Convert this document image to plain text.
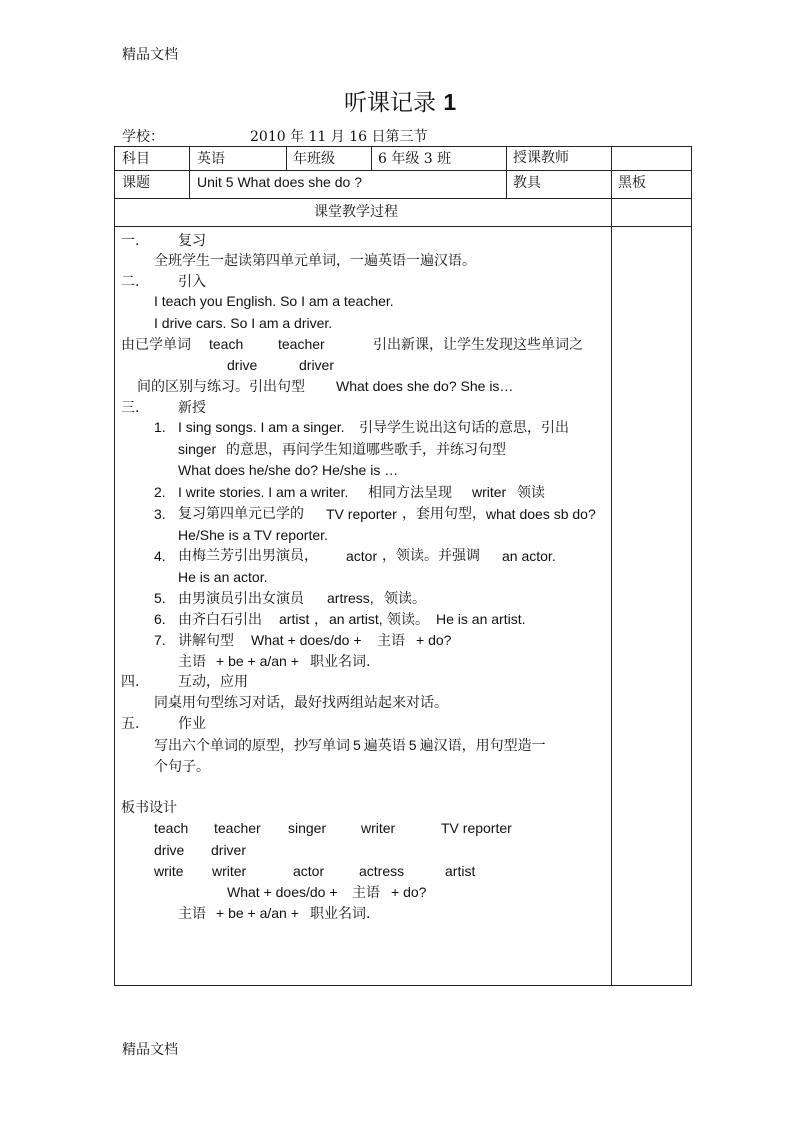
精品文档
精品文档
听课记录 1
学校：	2010 年 11 月 16 日第三节
科目	英语	年班级	6 年级 3 班	授课教师
课题	Unit 5 What does she do ?	教具	黑板
课堂教学过程
一.	复习
全班学生一起读第四单元单词，一遍英语一遍汉语。
二.	引入
I teach you English. So I am a teacher.
I drive cars. So I am a driver.
由已学单词 teach teacher	引出新课，让学生发现这些单词之
drive	driver
间的区别与练习。引出句型 What does she do? She is…
三.	新授
1. I sing songs. I am a singer. 引导学生说出这句话的意思，引出
singer 的意思，再问学生知道哪些歌手，并练习句型
What does he/she do? He/she is …
2. I write stories. I am a writer. 相同方法呈现 writer 领读
3. 复习第四单元已学的 TV reporter ，套用句型， what does sb do?
He/She is a TV reporter.
4. 由梅兰芳引出男演员， actor ，领读。并强调 an actor.
He is an actor.
5. 由男演员引出女演员 artress, 领读。
6. 由齐白石引出 artist ， an artist, 领读。 He is an artist.
7. 讲解句型 What + does/do + 主语 + do?
主语 + be + a/an + 职业名词.
四.	互动，应用
同桌用句型练习对话，最好找两组站起来对话。
五.	作业
写出六个单词的原型，抄写单词 5 遍英语 5 遍汉语，用句型造一
个句子。
板书设计
teach teacher singer writer	TV reporter
drive driver
write writer	actor actress	artist
What + does/do + 主语 + do?
主语 + be + a/an + 职业名词.
